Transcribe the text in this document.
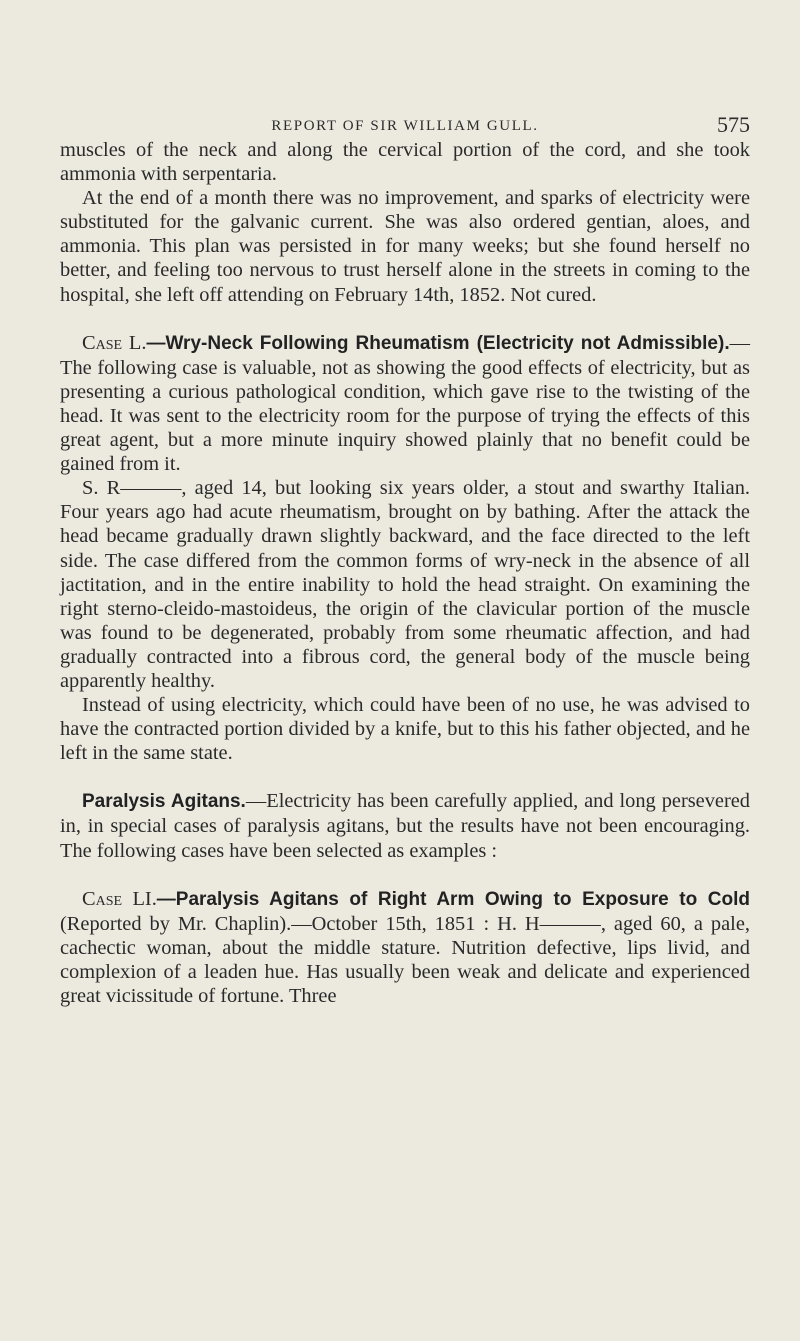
REPORT OF SIR WILLIAM GULL.	575

muscles of the neck and along the cervical portion of the cord, and she took ammonia with serpentaria.

At the end of a month there was no improvement, and sparks of electricity were substituted for the galvanic current. She was also ordered gentian, aloes, and ammonia. This plan was persisted in for many weeks; but she found herself no better, and feeling too nervous to trust herself alone in the streets in coming to the hospital, she left off attending on February 14th, 1852. Not cured.

Case L.—Wry-Neck Following Rheumatism (Electricity not Admissible).—The following case is valuable, not as showing the good effects of electricity, but as presenting a curious pathological condition, which gave rise to the twisting of the head. It was sent to the electricity room for the purpose of trying the effects of this great agent, but a more minute inquiry showed plainly that no benefit could be gained from it.

S. R———, aged 14, but looking six years older, a stout and swarthy Italian. Four years ago had acute rheumatism, brought on by bathing. After the attack the head became gradually drawn slightly backward, and the face directed to the left side. The case differed from the common forms of wry-neck in the absence of all jactitation, and in the entire inability to hold the head straight. On examining the right sterno-cleido-mastoideus, the origin of the clavicular portion of the muscle was found to be degenerated, probably from some rheumatic affection, and had gradually contracted into a fibrous cord, the general body of the muscle being apparently healthy.

Instead of using electricity, which could have been of no use, he was advised to have the contracted portion divided by a knife, but to this his father objected, and he left in the same state.

Paralysis Agitans.—Electricity has been carefully applied, and long persevered in, in special cases of paralysis agitans, but the results have not been encouraging. The following cases have been selected as examples :

Case LI.—Paralysis Agitans of Right Arm Owing to Exposure to Cold (Reported by Mr. Chaplin).—October 15th, 1851 : H. H———, aged 60, a pale, cachectic woman, about the middle stature. Nutrition defective, lips livid, and complexion of a leaden hue. Has usually been weak and delicate and experienced great vicissitude of fortune. Three
